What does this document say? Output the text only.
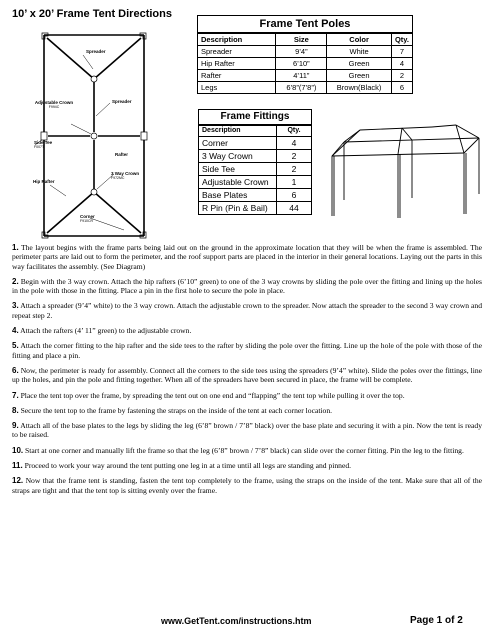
10’ x 20’ Frame Tent Directions
Spreader
Adjustable Crown
F994C
Spreader
Side Tee
F007T
Rafter
3 Way Crown
F972MC
Hip Rafter
Corner
F910CR
Frame Tent Poles
Description	Size	Color	Qty.
Spreader	9’4”	White	7
Hip Rafter	6’10”	Green	4
Rafter	4’11”	Green	2
Legs	6’8”(7’8”)	Brown(Black)	6
Frame Fittings
Description	Qty.
Corner	4
3 Way Crown	2
Side Tee	2
Adjustable Crown	1
Base Plates	6
R Pin (Pin & Bail)	44

1. The layout begins with the frame parts being laid out on the ground in the approximate location that they will be when the frame is assembled. The perimeter parts are laid out to form the perimeter, and the roof support parts are placed in the interior in their general locations. Laying out the parts in this way facilitates the assembly. (See Diagram)

2. Begin with the 3 way crown. Attach the hip rafters (6’10” green) to one of the 3 way crowns by sliding the pole over the fitting and lining up the holes in the pole with those in the fitting. Place a pin in the first hole to secure the pole in place.

3. Attach a spreader (9’4” white) to the 3 way crown. Attach the adjustable crown to the spreader. Now attach the spreader to the second 3 way crown and repeat step 2.

4. Attach the rafters (4’ 11” green) to the adjustable crown.

5. Attach the corner fitting to the hip rafter and the side tees to the rafter by sliding the pole over the fitting. Line up the hole of the pole with those of the fitting and place a pin.

6. Now, the perimeter is ready for assembly. Connect all the corners to the side tees using the spreaders (9’4” white). Slide the poles over the fittings, line up the holes, and pin the pole and fitting together. When all of the spreaders have been secured in place, the frame will be complete.

7. Place the tent top over the frame, by spreading the tent out on one end and “flapping” the tent top while pulling it over the top.

8. Secure the tent top to the frame by fastening the straps on the inside of the tent at each corner location.

9. Attach all of the base plates to the legs by sliding the leg (6’8” brown / 7’8” black) over the base plate and securing it with a pin. Now the tent is ready to be raised.

10. Start at one corner and manually lift the frame so that the leg (6’8” brown / 7’8” black) can slide over the corner fitting. Pin the leg to the fitting.

11. Proceed to work your way around the tent putting one leg in at a time until all legs are standing and pinned.

12. Now that the frame tent is standing, fasten the tent top completely to the frame, using the straps on the inside of the tent. Make sure that all of the straps are tight and that the tent top is sitting evenly over the frame.

www.GetTent.com/instructions.htm	Page 1 of 2
